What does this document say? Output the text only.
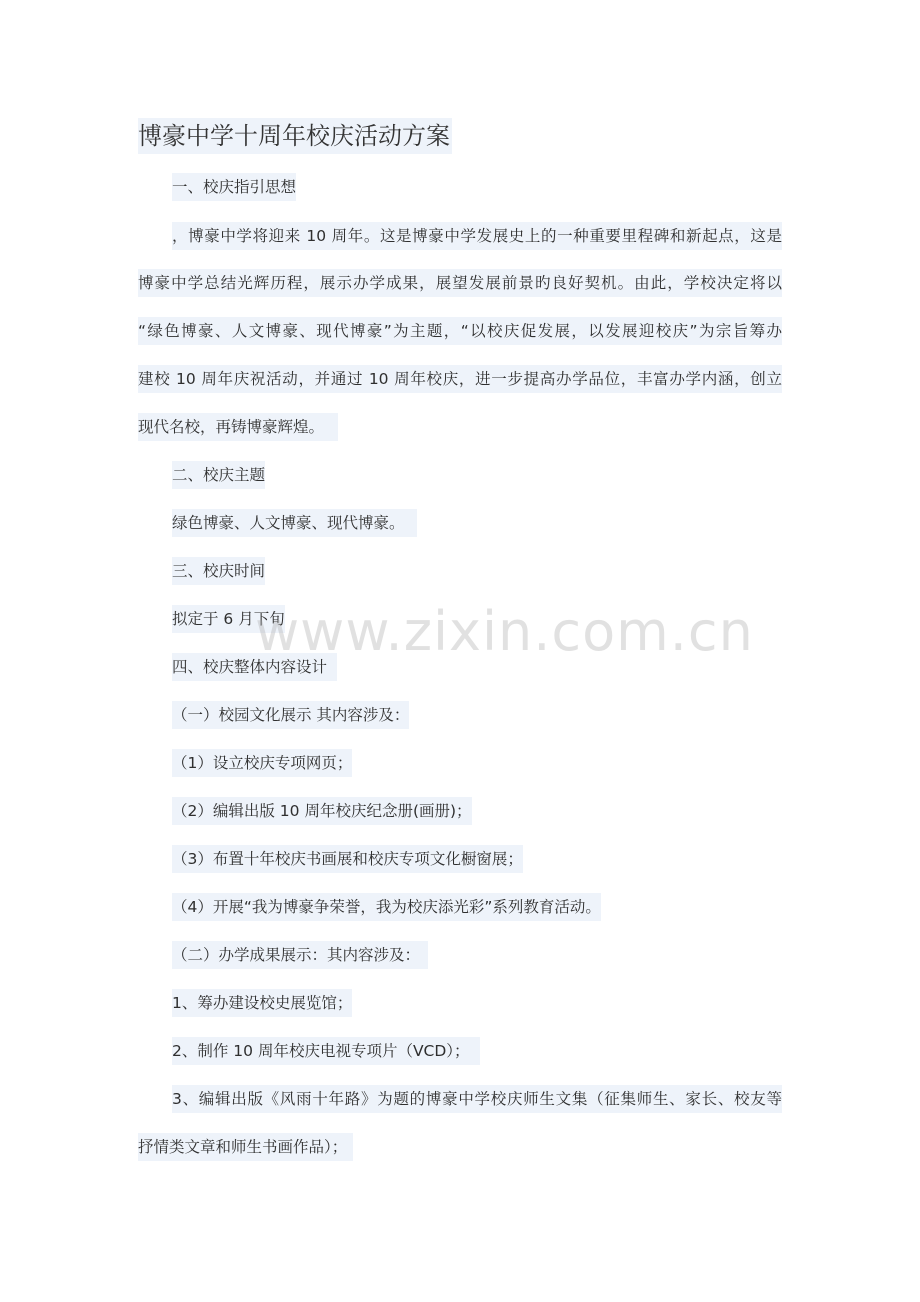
博豪中学十周年校庆活动方案
一、校庆指引思想
，博豪中学将迎来 10 周年。这是博豪中学发展史上的一种重要里程碑和新起点，这是
博豪中学总结光辉历程，展示办学成果，展望发展前景旳良好契机。由此，学校决定将以
“绿色博豪、人文博豪、现代博豪”为主题，“以校庆促发展，以发展迎校庆”为宗旨筹办
建校 10 周年庆祝活动，并通过 10 周年校庆，进一步提高办学品位，丰富办学内涵，创立
现代名校，再铸博豪辉煌。
二、校庆主题
绿色博豪、人文博豪、现代博豪。
三、校庆时间
拟定于 6 月下旬
四、校庆整体内容设计
（一）校园文化展示 其内容涉及：
（1）设立校庆专项网页；
（2）编辑出版 10 周年校庆纪念册(画册)；
（3）布置十年校庆书画展和校庆专项文化橱窗展；
（4）开展“我为博豪争荣誉，我为校庆添光彩”系列教育活动。
（二）办学成果展示：其内容涉及：
1、筹办建设校史展览馆；
2、制作 10 周年校庆电视专项片（VCD）；
3、编辑出版《风雨十年路》为题的博豪中学校庆师生文集（征集师生、家长、校友等
抒情类文章和师生书画作品）；
www.zixin.com.cn
